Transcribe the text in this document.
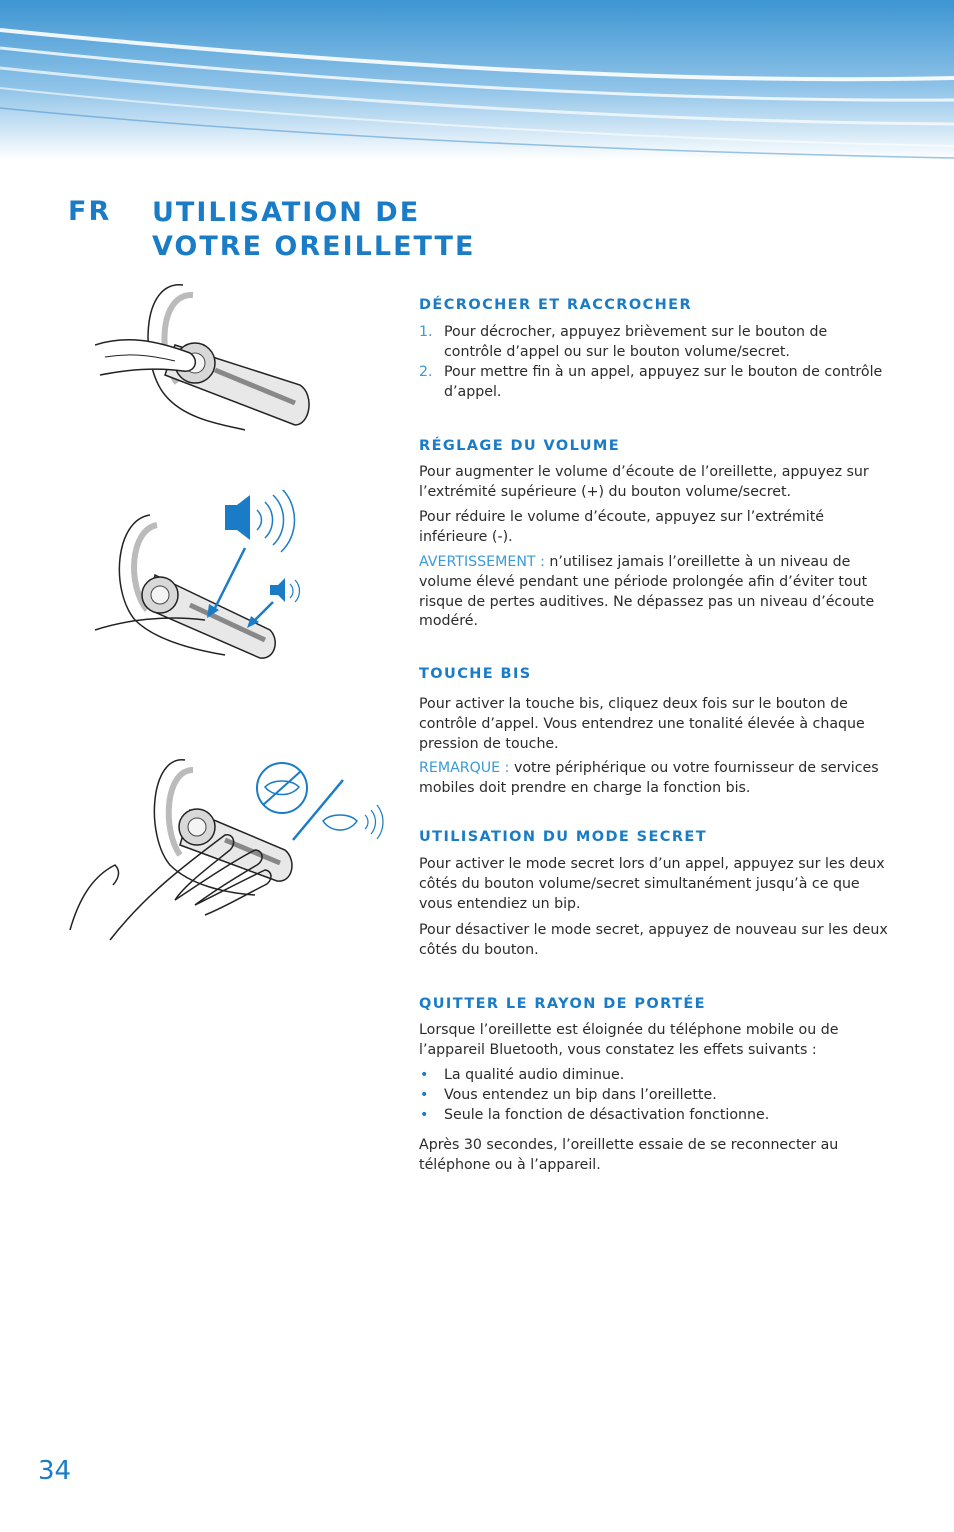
FR UTILISATION DE
VOTRE OREILLETTE
DÉCROCHER ET RACCROCHER
1. Pour décrocher, appuyez brièvement sur le bouton de contrôle d’appel ou sur le bouton volume/secret.
2. Pour mettre fin à un appel, appuyez sur le bouton de contrôle d’appel.
RÉGLAGE DU VOLUME
Pour augmenter le volume d’écoute de l’oreillette, appuyez sur l’extrémité supérieure (+) du bouton volume/secret.
Pour réduire le volume d’écoute, appuyez sur l’extrémité inférieure (-).
AVERTISSEMENT : n’utilisez jamais l’oreillette à un niveau de volume élevé pendant une période prolongée afin d’éviter tout risque de pertes auditives. Ne dépassez pas un niveau d’écoute modéré.
TOUCHE BIS
Pour activer la touche bis, cliquez deux fois sur le bouton de contrôle d’appel. Vous entendrez une tonalité élevée à chaque pression de touche.
REMARQUE : votre périphérique ou votre fournisseur de services mobiles doit prendre en charge la fonction bis.
UTILISATION DU MODE SECRET
Pour activer le mode secret lors d’un appel, appuyez sur les deux côtés du bouton volume/secret simultanément jusqu’à ce que vous entendiez un bip.
Pour désactiver le mode secret, appuyez de nouveau sur les deux côtés du bouton.
QUITTER LE RAYON DE PORTÉE
Lorsque l’oreillette est éloignée du téléphone mobile ou de l’appareil Bluetooth, vous constatez les effets suivants :
• La qualité audio diminue.
• Vous entendez un bip dans l’oreillette.
• Seule la fonction de désactivation fonctionne.
Après 30 secondes, l’oreillette essaie de se reconnecter au téléphone ou à l’appareil.
34
